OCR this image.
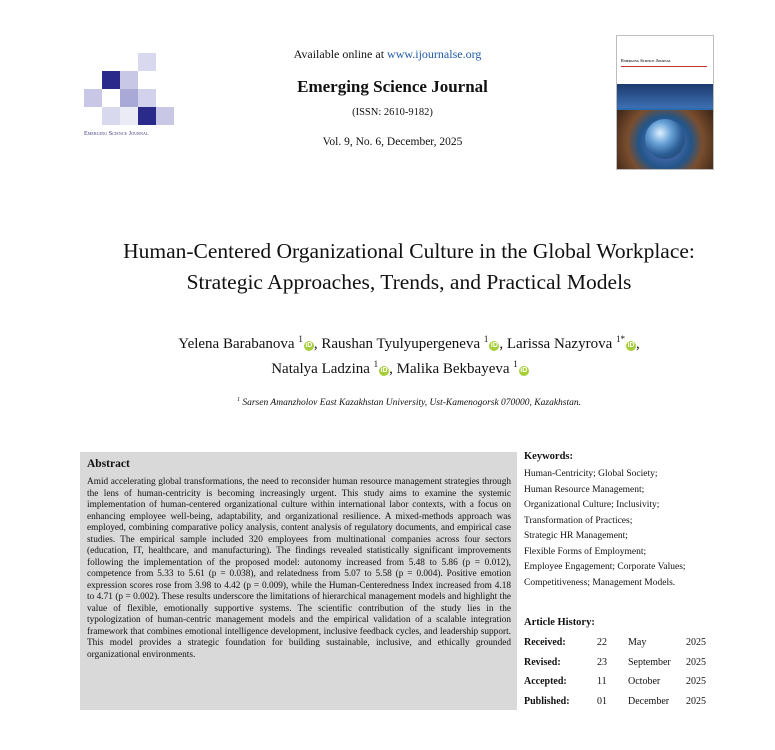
Emerging Science Journal
Available online at www.ijournalse.org
Emerging Science Journal
(ISSN: 2610-9182)
Vol. 9, No. 6, December, 2025
Emerging Science Journal
Human-Centered Organizational Culture in the Global Workplace:
Strategic Approaches, Trends, and Practical Models
Yelena Barabanova $^1$iD , Raushan Tyulyupergeneva $^1$iD , Larissa Nazyrova $^{1*}$iD ,
Natalya Ladzina $^1$iD , Malika Bekbayeva $^1$iD
$^1$ Sarsen Amanzholov East Kazakhstan University, Ust-Kamenogorsk 070000, Kazakhstan.
Abstract
Amid accelerating global transformations, the need to reconsider human resource management strategies through the lens of human-centricity is becoming increasingly urgent. This study aims to examine the systemic implementation of human-centered organizational culture within international labor contexts, with a focus on enhancing employee well-being, adaptability, and organizational resilience. A mixed-methods approach was employed, combining comparative policy analysis, content analysis of regulatory documents, and empirical case studies. The empirical sample included 320 employees from multinational companies across four sectors (education, IT, healthcare, and manufacturing). The findings revealed statistically significant improvements following the implementation of the proposed model: autonomy increased from 5.48 to 5.86 (p = 0.012), competence from 5.33 to 5.61 (p = 0.038), and relatedness from 5.07 to 5.58 (p = 0.004). Positive emotion expression scores rose from 3.98 to 4.42 (p = 0.009), while the Human-Centeredness Index increased from 4.18 to 4.71 (p = 0.002). These results underscore the limitations of hierarchical management models and highlight the value of flexible, emotionally supportive systems. The scientific contribution of the study lies in the typologization of human-centric management models and the empirical validation of a scalable integration framework that combines emotional intelligence development, inclusive feedback cycles, and leadership support. This model provides a strategic foundation for building sustainable, inclusive, and ethically grounded organizational environments.
Keywords:
Human-Centricity; Global Society;
Human Resource Management;
Organizational Culture; Inclusivity;
Transformation of Practices;
Strategic HR Management;
Flexible Forms of Employment;
Employee Engagement; Corporate Values;
Competitiveness; Management Models.
Article History:
Received:	22 May	2025
Revised:	23 September 2025
Accepted:	11 October	2025
Published:	01 December 2025
